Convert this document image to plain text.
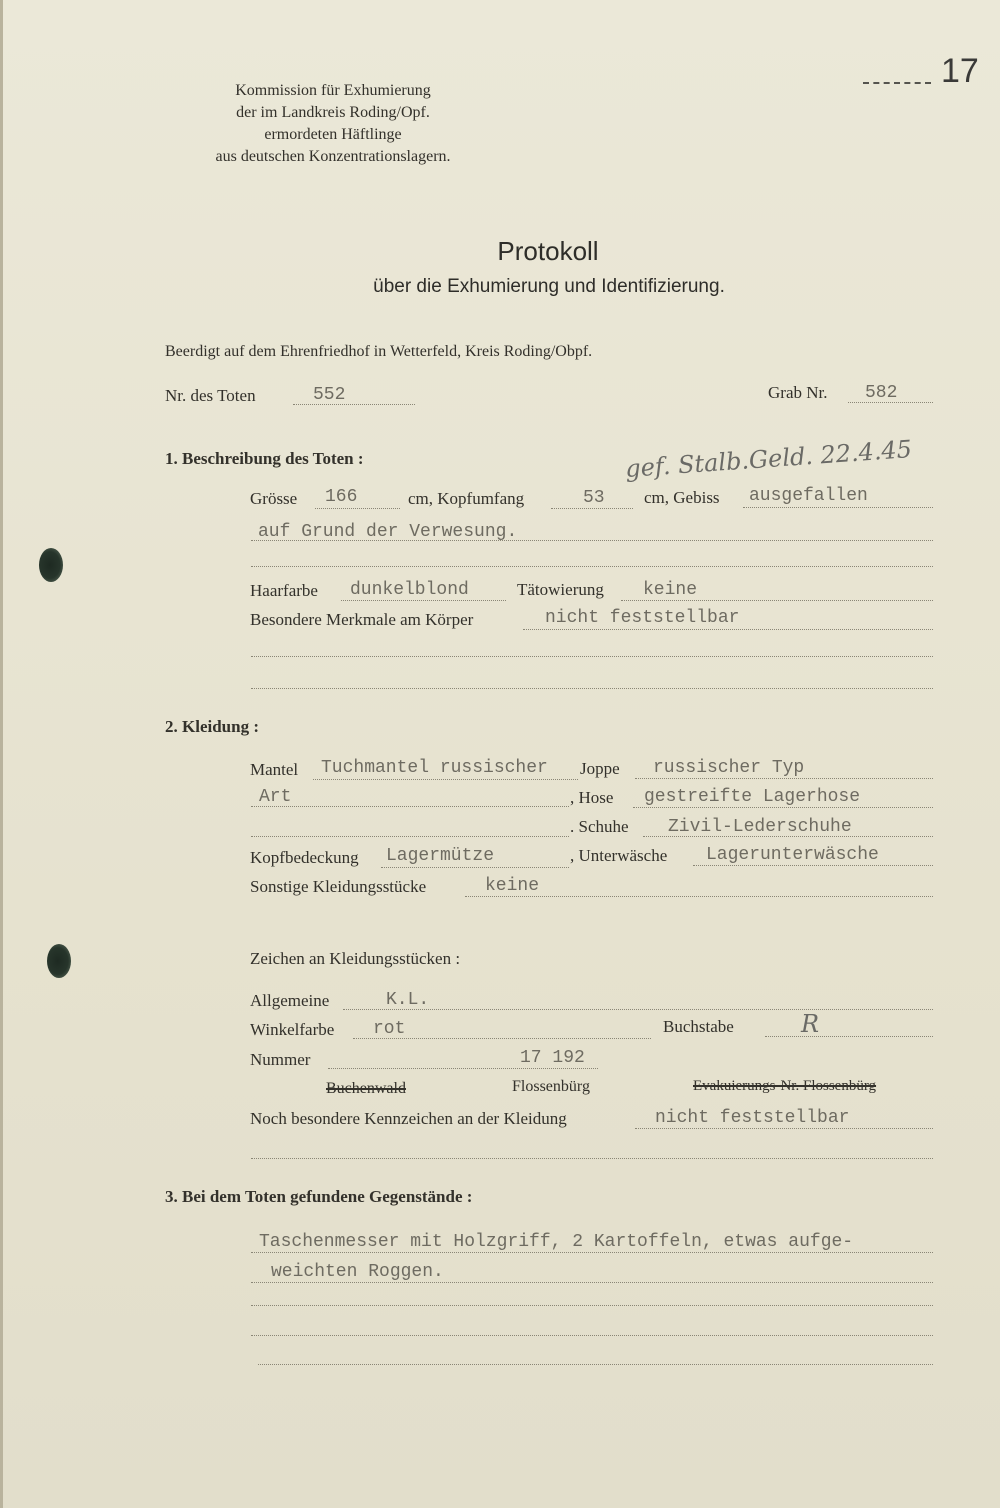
17
Kommission für Exhumierung
der im Landkreis Roding/Opf.
ermordeten Häftlinge
aus deutschen Konzentrationslagern.
Protokoll
über die Exhumierung und Identifizierung.
Beerdigt auf dem Ehrenfriedhof in Wetterfeld, Kreis Roding/Obpf.
Nr. des Toten	552	Grab Nr. 582
1. Beschreibung des Toten :	gef. Stalb.Geld. 22.4.45
Grösse 166	cm, Kopfumfang	53 cm, Gebiss ausgefallen
auf Grund der Verwesung.
Haarfarbe dunkelblond	Tätowierung keine
Besondere Merkmale am Körper	nicht feststellbar
2. Kleidung :
Mantel Tuchmantel russischer Joppe russischer Typ
Art	, Hose gestreifte Lagerhose
. Schuhe Zivil-Lederschuhe
Kopfbedeckung Lagermütze	, Unterwäsche Lagerunterwäsche
Sonstige Kleidungsstücke	keine
Zeichen an Kleidungsstücken :
Allgemeine	K.L.
Winkelfarbe rot	Buchstabe	R
Nummer	17 192
Buchenwald	Flossenbürg	Evakuierungs-Nr. Flossenbürg
Noch besondere Kennzeichen an der Kleidung	nicht feststellbar
3. Bei dem Toten gefundene Gegenstände :
Taschenmesser mit Holzgriff, 2 Kartoffeln, etwas aufge-
weichten Roggen.
